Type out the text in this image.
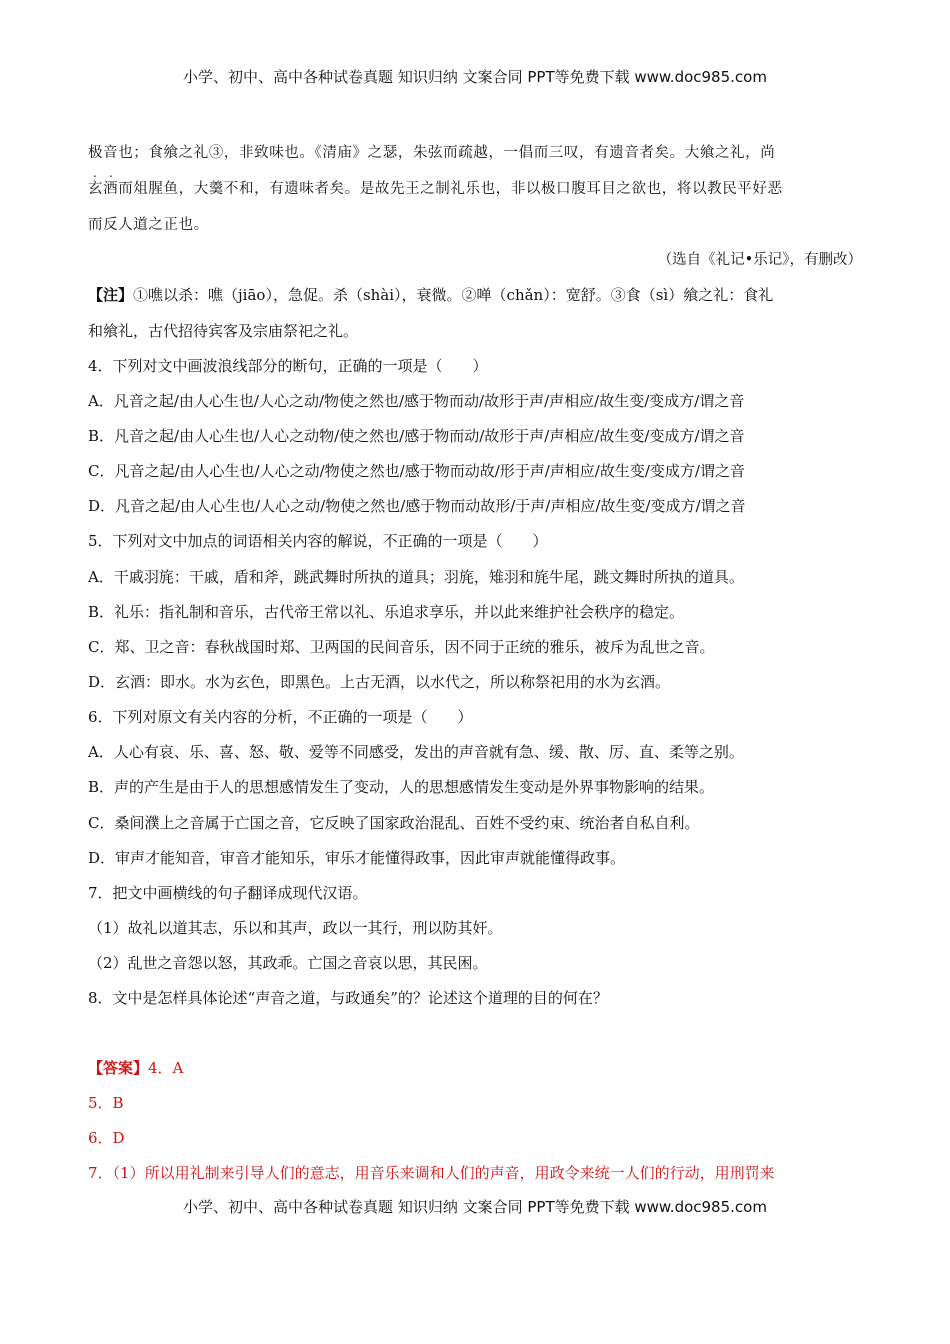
小学、初中、高中各种试卷真题 知识归纳 文案合同 PPT等免费下载 www.doc985.com
极音也；食飨之礼③，非致味也。《清庙》之瑟，朱弦而疏越，一倡而三叹，有遗音者矣。大飨之礼，尚
. .
玄酒而俎腥鱼，大羹不和，有遗味者矣。是故先王之制礼乐也，非以极口腹耳目之欲也，将以教民平好恶
而反人道之正也。
（选自《礼记•乐记》，有删改）
【注】①噍以杀：噍（jiāo），急促。杀（shài），衰微。②啴（chǎn）：宽舒。③食（sì）飨之礼：食礼
和飨礼，古代招待宾客及宗庙祭祀之礼。
4．下列对文中画波浪线部分的断句，正确的一项是（　　）
A．凡音之起/由人心生也/人心之动/物使之然也/感于物而动/故形于声/声相应/故生变/变成方/谓之音
B．凡音之起/由人心生也/人心之动物/使之然也/感于物而动/故形于声/声相应/故生变/变成方/谓之音
C．凡音之起/由人心生也/人心之动/物使之然也/感于物而动故/形于声/声相应/故生变/变成方/谓之音
D．凡音之起/由人心生也/人心之动/物使之然也/感于物而动故形/于声/声相应/故生变/变成方/谓之音
5．下列对文中加点的词语相关内容的解说，不正确的一项是（　　）
A．干戚羽旄：干戚，盾和斧，跳武舞时所执的道具；羽旄，雉羽和旄牛尾，跳文舞时所执的道具。
B．礼乐：指礼制和音乐，古代帝王常以礼、乐追求享乐，并以此来维护社会秩序的稳定。
C．郑、卫之音：春秋战国时郑、卫两国的民间音乐，因不同于正统的雅乐，被斥为乱世之音。
D．玄酒：即水。水为玄色，即黑色。上古无酒，以水代之，所以称祭祀用的水为玄酒。
6．下列对原文有关内容的分析，不正确的一项是（　　）
A．人心有哀、乐、喜、怒、敬、爱等不同感受，发出的声音就有急、缓、散、厉、直、柔等之别。
B．声的产生是由于人的思想感情发生了变动，人的思想感情发生变动是外界事物影响的结果。
C．桑间濮上之音属于亡国之音，它反映了国家政治混乱、百姓不受约束、统治者自私自利。
D．审声才能知音，审音才能知乐，审乐才能懂得政事，因此审声就能懂得政事。
7．把文中画横线的句子翻译成现代汉语。
（1）故礼以道其志，乐以和其声，政以一其行，刑以防其奸。
（2）乱世之音怨以怒，其政乖。亡国之音哀以思，其民困。
8．文中是怎样具体论述“声音之道，与政通矣”的？论述这个道理的目的何在？
【答案】4．A
5．B
6．D
7．（1）所以用礼制来引导人们的意志，用音乐来调和人们的声音，用政令来统一人们的行动，用刑罚来
小学、初中、高中各种试卷真题 知识归纳 文案合同 PPT等免费下载 www.doc985.com
